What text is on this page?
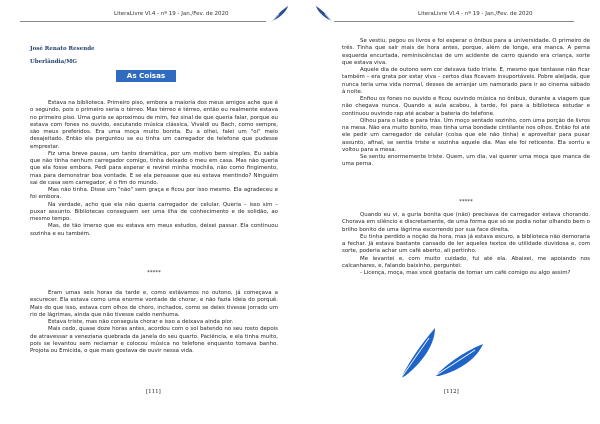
LiteraLivre Vl.4 - nº 19 - Jan./Fev. de 2020
José Renato Resende
Uberlândia/MG
As Coisas Lindas

Estava na biblioteca. Primeiro piso, embora a maioria dos meus amigos ache que é o segundo, pois o primeiro seria o térreo. Mas térreo é térreo, então eu realmente estava no primeiro piso. Uma guria se aproximou de mim, fez sinal de que queria falar, porque eu estava com fones no ouvido, escutando música clássica, Vivaldi ou Bach, como sempre, são meus preferidos. Era uma moça muito bonita. Eu a olhei, falei um "oi" meio desajeitado. Então ela perguntou se eu tinha um carregador de telefone que pudesse emprestar.

Fiz uma breve pausa, um tanto dramática, por um motivo bem simples. Eu sabia que não tinha nenhum carregador comigo, tinha deixado o meu em casa. Mas não queria que ela fosse embora. Pedi para esperar e revirei minha mochila, não como fingimento, mas para demonstrar boa vontade. E se ela pensasse que eu estava mentindo? Ninguém sai de casa sem carregador, é o fim do mundo.

Mas não tinha. Disse um "não" sem graça e ficou por isso mesmo. Ela agradeceu e foi embora.

Na verdade, acho que ela não queria carregador de celular. Queria – isso sim – puxar assunto. Bibliotecas conseguem ser uma ilha de conhecimento e de solidão, ao mesmo tempo.

Mas, de tão imerso que eu estava em meus estudos, deixei passar. Ela continuou sozinha e eu também.

*****

Eram umas seis horas da tarde e, como estávamos no outono, já começava a escurecer. Ela estava como uma enorme vontade de chorar, e não fazia ideia do porquê. Mais do que isso, estava com olhos de choro, inchados, como se deles tivesse jorrado um rio de lágrimas, ainda que não tivesse caído nenhuma.

Estava triste, mas não conseguia chorar e isso a deixava ainda pior.

Mais cedo, quase doze horas antes, acordou com o sol batendo no seu rosto depois de atravessar a venezianа quebrada da janela do seu quarto. Paciência, e ela tinha muito, pois se levantou sem reclamar e colocou música no telefone enquanto tomava banho. Projota ou Emicida, o que mais gostava de ouvir nessa vida.

[111]
LiteraLivre Vl.4 - nº 19 - Jan./Fev. de 2020

Se vestiu, pegou os livros e foi esperar o ônibus para a universidade. O primeiro de três. Tinha que sair mais de hora antes, porque, além de longe, era manca. A perna esquerda encurtada, reminiscências de um acidente de carro quando era criança, sorte que estava viva.

Aquele dia de outono sem cor deixava tudo triste. E, mesmo que tentasse não ficar também – era grata por estar viva – certos dias ficavam insuportáveis. Pobre aleijada, que nunca teria uma vida normal, desses de arranjar um namorado para ir ao cinema sábado à noite.

Enfiou os fones no ouvido e ficou ouvindo música no ônibus, durante a viagem que não chegava nunca. Quando a aula acabou, à tarde, foi para a biblioteca estudar e continuou ouvindo rap até acabar a bateria do telefone.

Olhou para o lado e para trás. Um moço sentado sozinho, com uma porção de livros na mesa. Não era muito bonito, mas tinha uma bondade cintilante nos olhos. Então foi até ele pedir um carregador de celular (coisa que ele não tinha) e aproveitar para puxar assunto, afinal, se sentia triste e sozinha aquele dia. Mas ele foi reticente. Ela sorriu e voltou para a mesa.

Se sentiu enormemente triste. Quem, um dia, vai querer uma moça que manca de uma perna.

*****

Quando eu vi, a guria bonita que (não) precisava de carregador estava chorando. Chorava em silêncio e discretamente, de uma forma que só se podia notar olhando bem o brilho bonito de uma lágrima escorrendo por sua face direita.

Eu tinha perdido a noção da hora, mas já estava escuro, a biblioteca não demoraria a fechar. Já estava bastante cansado de ler aqueles textos de utilidade duvidosa e, com sorte, poderia achar um café aberto, ali pertinho.

Me levantei e, com muito cuidado, fui até ela. Abaixei, me apoiando nos calcanhares, e, falando baixinho, perguntei:

- Licença, moça, mas você gostaria de tomar um café comigo ou algo assim?

[112]
